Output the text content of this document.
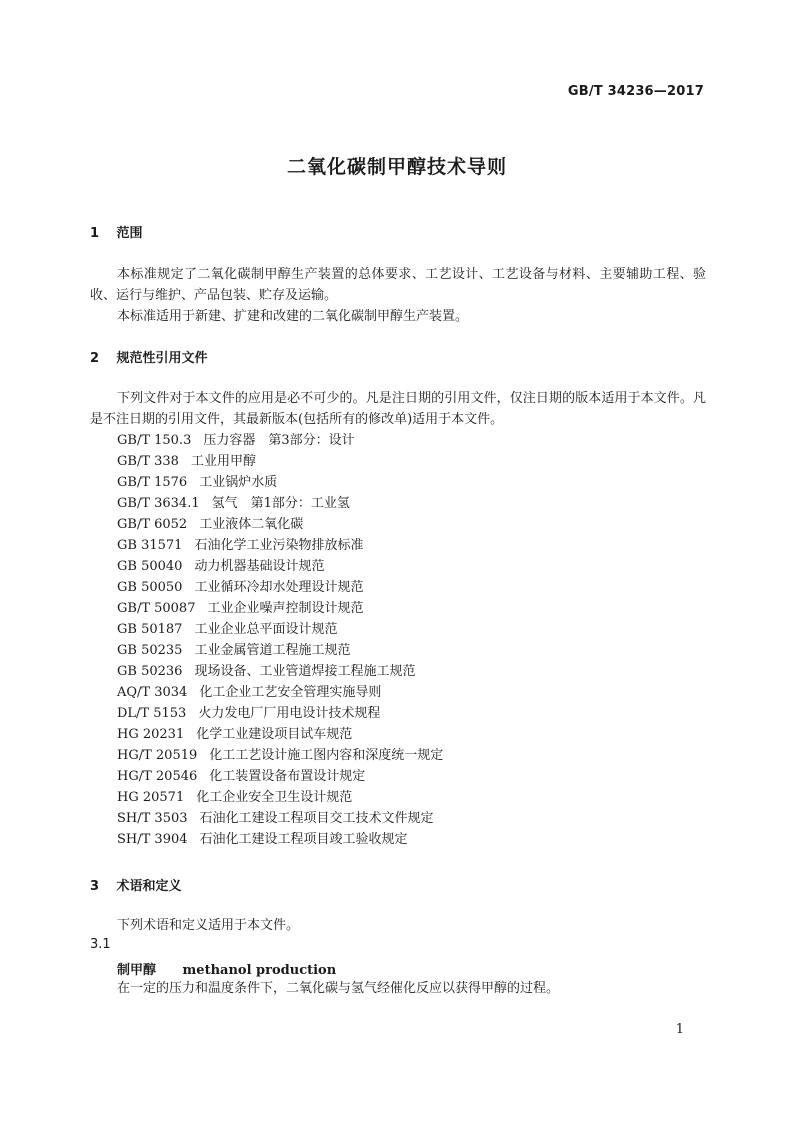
GB/T 34236—2017
二氧化碳制甲醇技术导则
1 范围

本标准规定了二氧化碳制甲醇生产装置的总体要求、工艺设计、工艺设备与材料、主要辅助工程、验收、运行与维护、产品包装、贮存及运输。

本标准适用于新建、扩建和改建的二氧化碳制甲醇生产装置。

2 规范性引用文件

下列文件对于本文件的应用是必不可少的。凡是注日期的引用文件，仅注日期的版本适用于本文件。凡是不注日期的引用文件，其最新版本(包括所有的修改单)适用于本文件。

GB/T 150.3 压力容器　第3部分：设计
GB/T 338 工业用甲醇
GB/T 1576 工业锅炉水质
GB/T 3634.1 氢气　第1部分：工业氢
GB/T 6052 工业液体二氧化碳
GB 31571 石油化学工业污染物排放标准
GB 50040 动力机器基础设计规范
GB 50050 工业循环冷却水处理设计规范
GB/T 50087 工业企业噪声控制设计规范
GB 50187 工业企业总平面设计规范
GB 50235 工业金属管道工程施工规范
GB 50236 现场设备、工业管道焊接工程施工规范
AQ/T 3034 化工企业工艺安全管理实施导则
DL/T 5153 火力发电厂厂用电设计技术规程
HG 20231 化学工业建设项目试车规范
HG/T 20519 化工工艺设计施工图内容和深度统一规定
HG/T 20546 化工装置设备布置设计规定
HG 20571 化工企业安全卫生设计规范
SH/T 3503 石油化工建设工程项目交工技术文件规定
SH/T 3904 石油化工建设工程项目竣工验收规定
3 术语和定义

下列术语和定义适用于本文件。

3.1
制甲醇 methanol production

在一定的压力和温度条件下，二氧化碳与氢气经催化反应以获得甲醇的过程。

1
